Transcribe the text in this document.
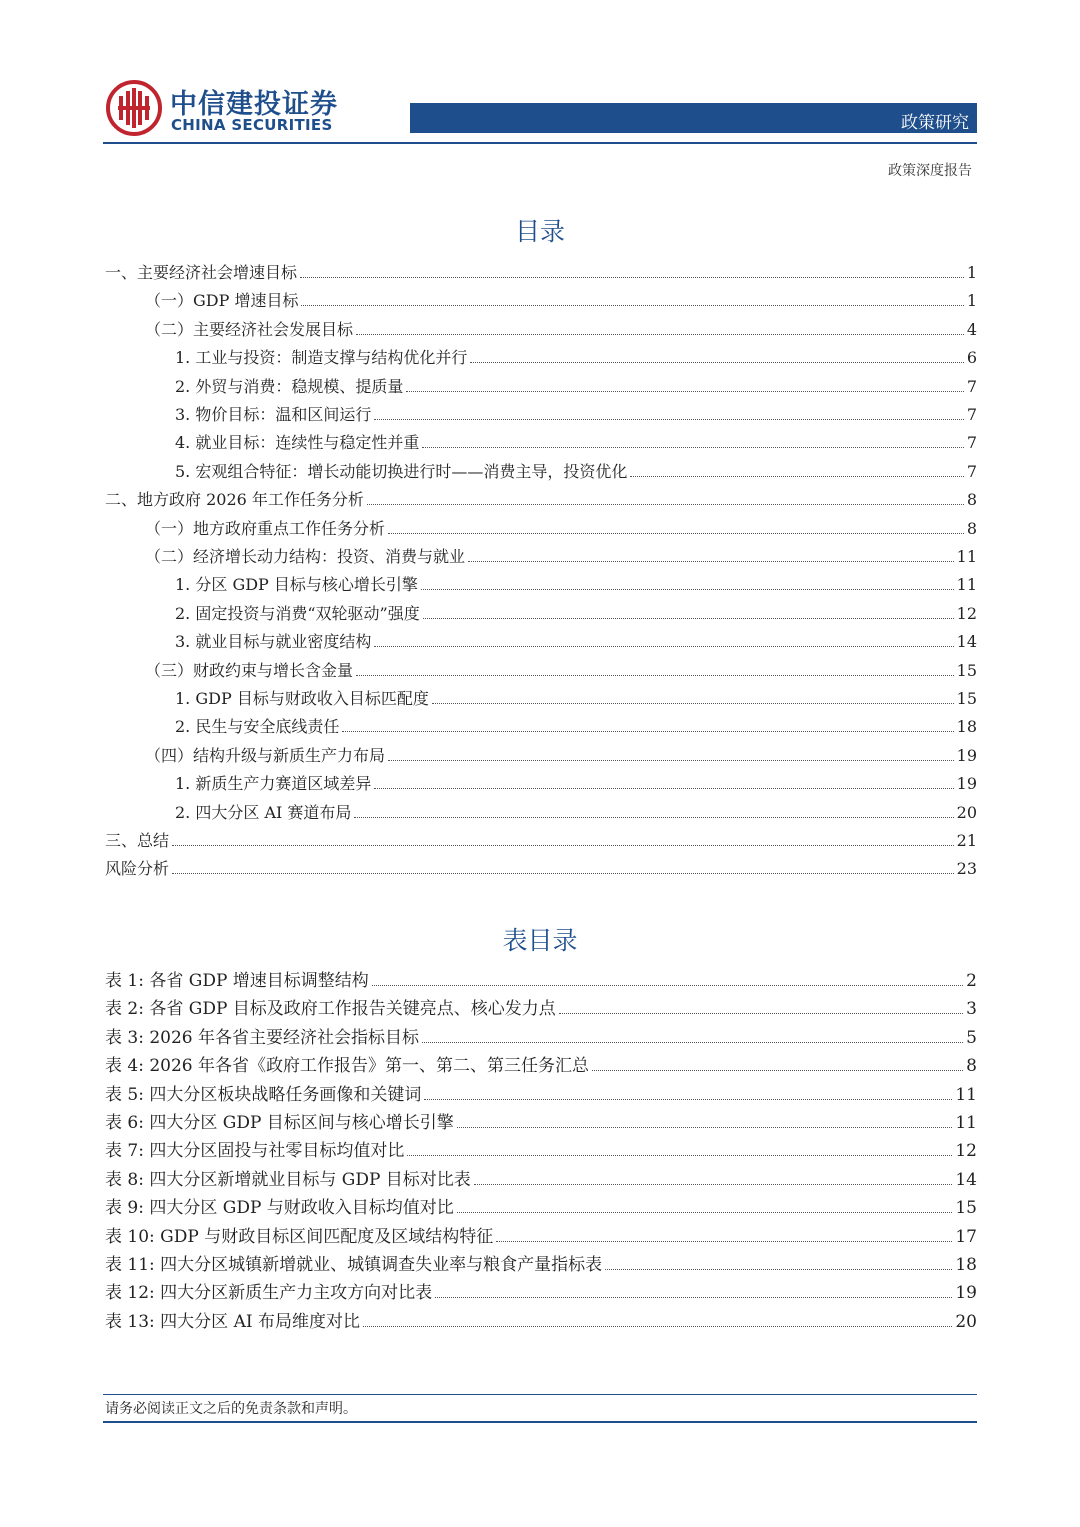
中信建投证券
CHINA SECURITIES	政策研究
政策深度报告
目录
一、主要经济社会增速目标	1
（一）GDP 增速目标	1
（二）主要经济社会发展目标	4
1. 工业与投资：制造支撑与结构优化并行	6
2. 外贸与消费：稳规模、提质量	7
3. 物价目标：温和区间运行	7
4. 就业目标：连续性与稳定性并重	7
5. 宏观组合特征：增长动能切换进行时——消费主导，投资优化	7
二、地方政府 2026 年工作任务分析	8
（一）地方政府重点工作任务分析	8
（二）经济增长动力结构：投资、消费与就业	11
1. 分区 GDP 目标与核心增长引擎	11
2. 固定投资与消费“双轮驱动”强度	12
3. 就业目标与就业密度结构	14
（三）财政约束与增长含金量	15
1. GDP 目标与财政收入目标匹配度	15
2. 民生与安全底线责任	18
（四）结构升级与新质生产力布局	19
1. 新质生产力赛道区域差异	19
2. 四大分区 AI 赛道布局	20
三、总结	21
风险分析	23
表目录
表 1: 各省 GDP 增速目标调整结构	2
表 2: 各省 GDP 目标及政府工作报告关键亮点、核心发力点	3
表 3: 2026 年各省主要经济社会指标目标	5
表 4: 2026 年各省《政府工作报告》第一、第二、第三任务汇总	8
表 5: 四大分区板块战略任务画像和关键词	11
表 6: 四大分区 GDP 目标区间与核心增长引擎	11
表 7: 四大分区固投与社零目标均值对比	12
表 8: 四大分区新增就业目标与 GDP 目标对比表	14
表 9: 四大分区 GDP 与财政收入目标均值对比	15
表 10: GDP 与财政目标区间匹配度及区域结构特征	17
表 11: 四大分区城镇新增就业、城镇调查失业率与粮食产量指标表	18
表 12: 四大分区新质生产力主攻方向对比表	19
表 13: 四大分区 AI 布局维度对比	20
请务必阅读正文之后的免责条款和声明。
